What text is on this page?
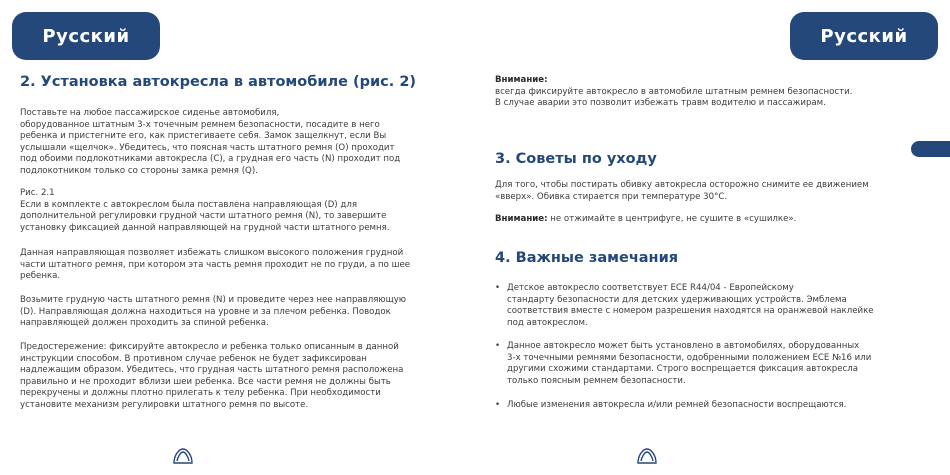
Русский	Русский
2. Установка автокресла в автомобиле (рис. 2)

Поставьте на любое пассажирское сиденье автомобиля,
оборудованное штатным 3-х точечным ремнем безопасности, посадите в него
ребенка и пристегните его, как пристегиваете себя. Замок защелкнут, если Вы
услышали «щелчок». Убедитесь, что поясная часть штатного ремня (О) проходит
под обоими подлокотниками автокресла (С), а грудная его часть (N) проходит под
подлокотником только со стороны замка ремня (Q).

Рис. 2.1
Если в комплекте с автокреслом была поставлена направляющая (D) для
дополнительной регулировки грудной части штатного ремня (N), то завершите
установку фиксацией данной направляющей на грудной части штатного ремня.

Данная направляющая позволяет избежать слишком высокого положения грудной
части штатного ремня, при котором эта часть ремня проходит не по груди, а по шее
ребенка.

Возьмите грудную часть штатного ремня (N) и проведите через нее направляющую
(D). Направляющая должна находиться на уровне и за плечом ребенка. Поводок
направляющей должен проходить за спиной ребенка.

Предостережение: фиксируйте автокресло и ребенка только описанным в данной
инструкции способом. В противном случае ребенок не будет зафиксирован
надлежащим образом. Убедитесь, что грудная часть штатного ремня расположена
правильно и не проходит вблизи шеи ребенка. Все части ремня не должны быть
перекручены и должны плотно прилегать к телу ребенка. При необходимости
установите механизм регулировки штатного ремня по высоте.

Внимание:
всегда фиксируйте автокресло в автомобиле штатным ремнем безопасности.
В случае аварии это позволит избежать травм водителю и пассажирам.

3. Советы по уходу

Для того, чтобы постирать обивку автокресла осторожно снимите ее движением
«вверх». Обивка стирается при температуре 30°С.

Внимание: не отжимайте в центрифуге, не сушите в «сушилке».

4. Важные замечания
• Детское автокресло соответствует ЕСЕ R44/04 - Европейскому
стандарту безопасности для детских удерживающих устройств. Эмблема
соответствия вместе с номером разрешения находятся на оранжевой наклейке
под автокреслом.
• Данное автокресло может быть установлено в автомобилях, оборудованных
3-х точечными ремнями безопасности, одобренными положением ЕСЕ №16 или
другими схожими стандартами. Строго воспрещается фиксация автокресла
только поясным ремнем безопасности.
• Любые изменения автокресла и/или ремней безопасности воспрещаются.
